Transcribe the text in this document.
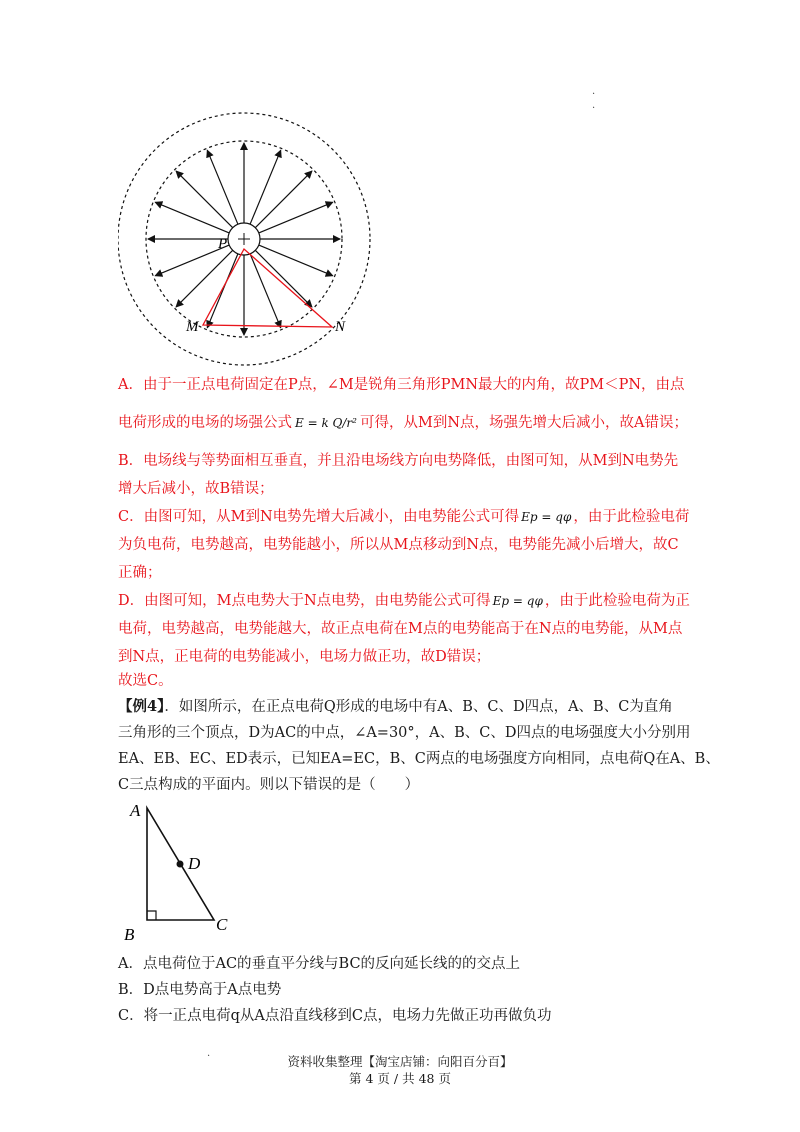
.
.
P
M	N
A．由于一正点电荷固定在P点，∠M是锐角三角形PMN最大的内角，故PM＜PN，由点
电荷形成的电场的场强公式 E = k Q/r² 可得，从M到N点，场强先增大后减小，故A错误；
B．电场线与等势面相互垂直，并且沿电场线方向电势降低，由图可知，从M到N电势先
增大后减小，故B错误；
C．由图可知，从M到N电势先增大后减小，由电势能公式可得 Ep = qφ ，由于此检验电荷
为负电荷，电势越高，电势能越小，所以从M点移动到N点，电势能先减小后增大，故C
正确；
D．由图可知，M点电势大于N点电势，由电势能公式可得 Ep = qφ ，由于此检验电荷为正
电荷，电势越高，电势能越大，故正点电荷在M点的电势能高于在N点的电势能，从M点
到N点，正电荷的电势能减小，电场力做正功，故D错误；
故选C。
【例4】．如图所示，在正点电荷Q形成的电场中有A、B、C、D四点，A、B、C为直角
三角形的三个顶点，D为AC的中点，∠A=30°，A、B、C、D四点的电场强度大小分别用
EA、EB、EC、ED表示，已知EA=EC，B、C两点的电场强度方向相同，点电荷Q在A、B、
C三点构成的平面内。则以下错误的是（　　）
A
D
B
C
A．点电荷位于AC的垂直平分线与BC的反向延长线的的交点上
B．D点电势高于A点电势
C．将一正点电荷q从A点沿直线移到C点，电场力先做正功再做负功
.
资料收集整理【淘宝店铺：向阳百分百】
第 4 页 / 共 48 页
